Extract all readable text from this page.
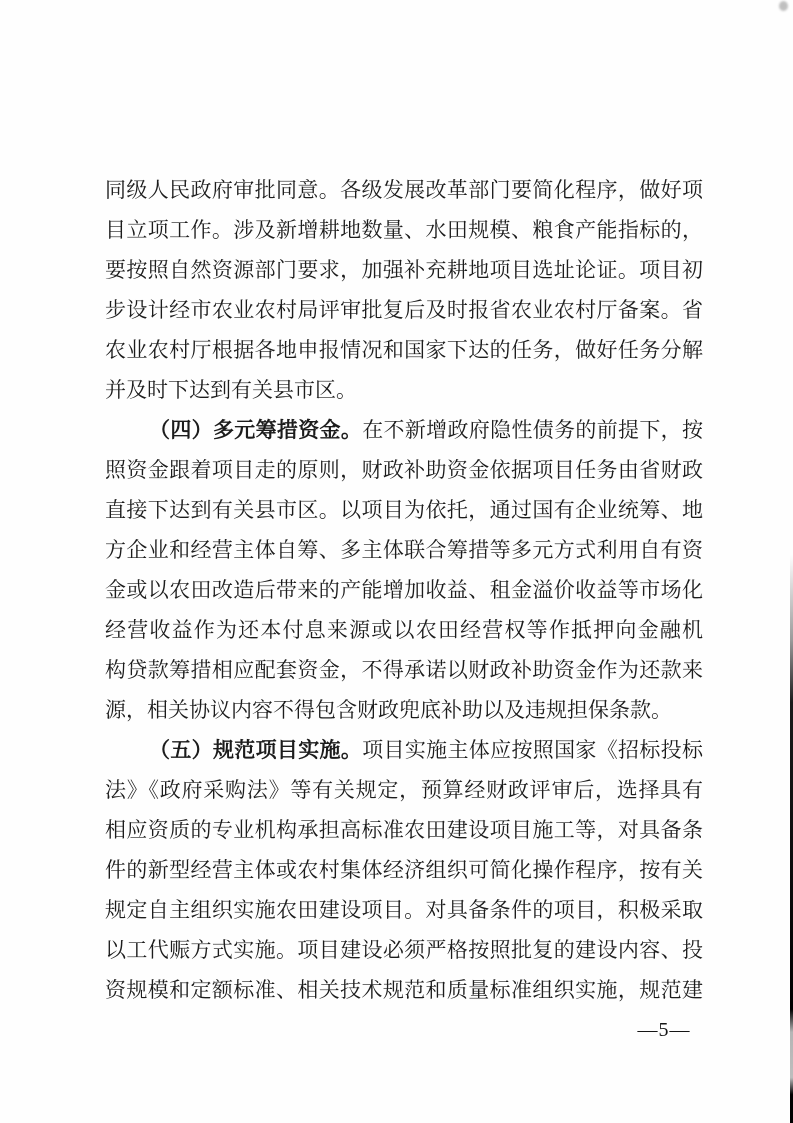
同级人民政府审批同意。各级发展改革部门要简化程序，做好项
目立项工作。涉及新增耕地数量、水田规模、粮食产能指标的，
要按照自然资源部门要求，加强补充耕地项目选址论证。项目初
步设计经市农业农村局评审批复后及时报省农业农村厅备案。省
农业农村厅根据各地申报情况和国家下达的任务，做好任务分解
并及时下达到有关县市区。
（四）多元筹措资金。在不新增政府隐性债务的前提下，按
照资金跟着项目走的原则，财政补助资金依据项目任务由省财政
直接下达到有关县市区。以项目为依托，通过国有企业统筹、地
方企业和经营主体自筹、多主体联合筹措等多元方式利用自有资
金或以农田改造后带来的产能增加收益、租金溢价收益等市场化
经营收益作为还本付息来源或以农田经营权等作抵押向金融机
构贷款筹措相应配套资金，不得承诺以财政补助资金作为还款来
源，相关协议内容不得包含财政兜底补助以及违规担保条款。
（五）规范项目实施。项目实施主体应按照国家《招标投标
法》《政府采购法》等有关规定，预算经财政评审后，选择具有
相应资质的专业机构承担高标准农田建设项目施工等，对具备条
件的新型经营主体或农村集体经济组织可简化操作程序，按有关
规定自主组织实施农田建设项目。对具备条件的项目，积极采取
以工代赈方式实施。项目建设必须严格按照批复的建设内容、投
资规模和定额标准、相关技术规范和质量标准组织实施，规范建
—5—
